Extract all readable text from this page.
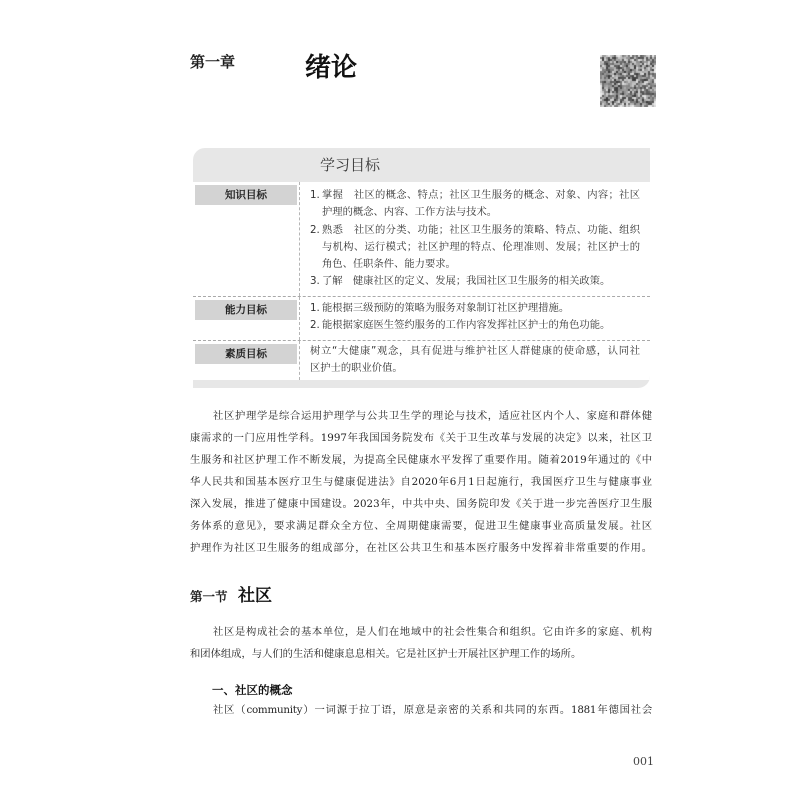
第一章	绪论
学习目标
知识目标	1. 掌握　社区的概念、特点；社区卫生服务的概念、对象、内容；社区
护理的概念、内容、工作方法与技术。
2. 熟悉　社区的分类、功能；社区卫生服务的策略、特点、功能、组织
与机构、运行模式；社区护理的特点、伦理准则、发展；社区护士的
角色、任职条件、能力要求。
3. 了解　健康社区的定义、发展；我国社区卫生服务的相关政策。
能力目标	1. 能根据三级预防的策略为服务对象制订社区护理措施。
2. 能根据家庭医生签约服务的工作内容发挥社区护士的角色功能。
素质目标	树立“大健康”观念，具有促进与维护社区人群健康的使命感，认同社
区护士的职业价值。
社区护理学是综合运用护理学与公共卫生学的理论与技术，适应社区内个人、家庭和群体健
康需求的一门应用性学科。1997年我国国务院发布《关于卫生改革与发展的决定》以来，社区卫
生服务和社区护理工作不断发展，为提高全民健康水平发挥了重要作用。随着2019年通过的《中
华人民共和国基本医疗卫生与健康促进法》自2020年6月1日起施行，我国医疗卫生与健康事业
深入发展，推进了健康中国建设。2023年，中共中央、国务院印发《关于进一步完善医疗卫生服
务体系的意见》，要求满足群众全方位、全周期健康需要，促进卫生健康事业高质量发展。社区
护理作为社区卫生服务的组成部分，在社区公共卫生和基本医疗服务中发挥着非常重要的作用。
第一节 社区
社区是构成社会的基本单位，是人们在地域中的社会性集合和组织。它由许多的家庭、机构
和团体组成，与人们的生活和健康息息相关。它是社区护士开展社区护理工作的场所。
一、社区的概念
社区（community）一词源于拉丁语，原意是亲密的关系和共同的东西。1881年德国社会
001
